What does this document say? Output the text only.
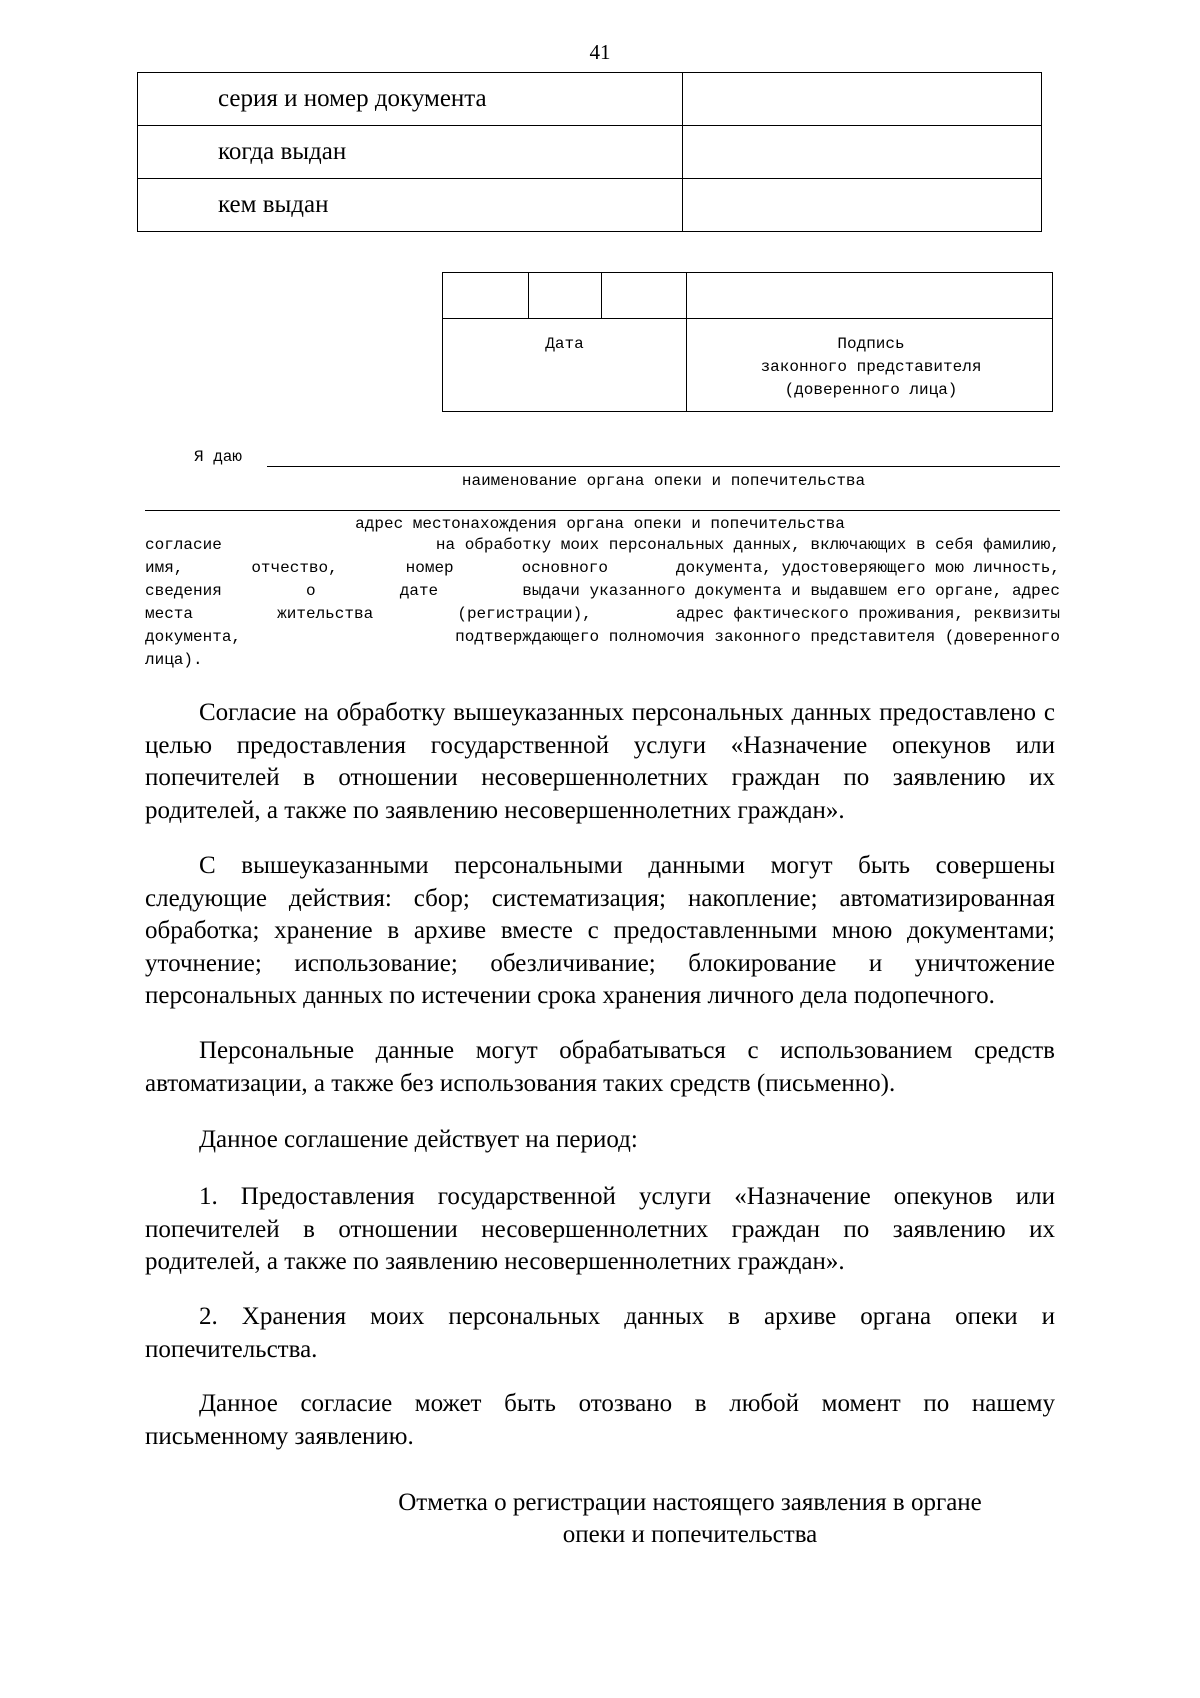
41
серия и номер документа	
когда выдан	
кем выдан	
Дата	Подпись
законного представителя
(доверенного лица)
Я даю
наименование органа опеки и попечительства
адрес местонахождения органа опеки и попечительства
согласие	на обработку моих персональных данных, включающих в себя фамилию,
имя,	отчество,	номер	основного	документа, удостоверяющего мою личность,
сведения	о	дате	выдачи указанного документа и выдавшем его органе, адрес
места	жительства	(регистрации),	адрес фактического проживания, реквизиты
документа,	подтверждающего полномочия законного представителя (доверенного
лица).
Согласие на обработку вышеуказанных персональных данных предоставлено с целью предоставления государственной услуги «Назначение опекунов или попечителей в отношении несовершеннолетних граждан по заявлению их родителей, а также по заявлению несовершеннолетних граждан».
С вышеуказанными персональными данными могут быть совершены следующие действия: сбор; систематизация; накопление; автоматизированная обработка; хранение в архиве вместе с предоставленными мною документами; уточнение; использование; обезличивание; блокирование и уничтожение персональных данных по истечении срока хранения личного дела подопечного.
Персональные данные могут обрабатываться с использованием средств автоматизации, а также без использования таких средств (письменно).
Данное соглашение действует на период:
1. Предоставления государственной услуги «Назначение опекунов или попечителей в отношении несовершеннолетних граждан по заявлению их родителей, а также по заявлению несовершеннолетних граждан».
2. Хранения моих персональных данных в архиве органа опеки и попечительства.
Данное согласие может быть отозвано в любой момент по нашему письменному заявлению.
Отметка о регистрации настоящего заявления в органе
опеки и попечительства
